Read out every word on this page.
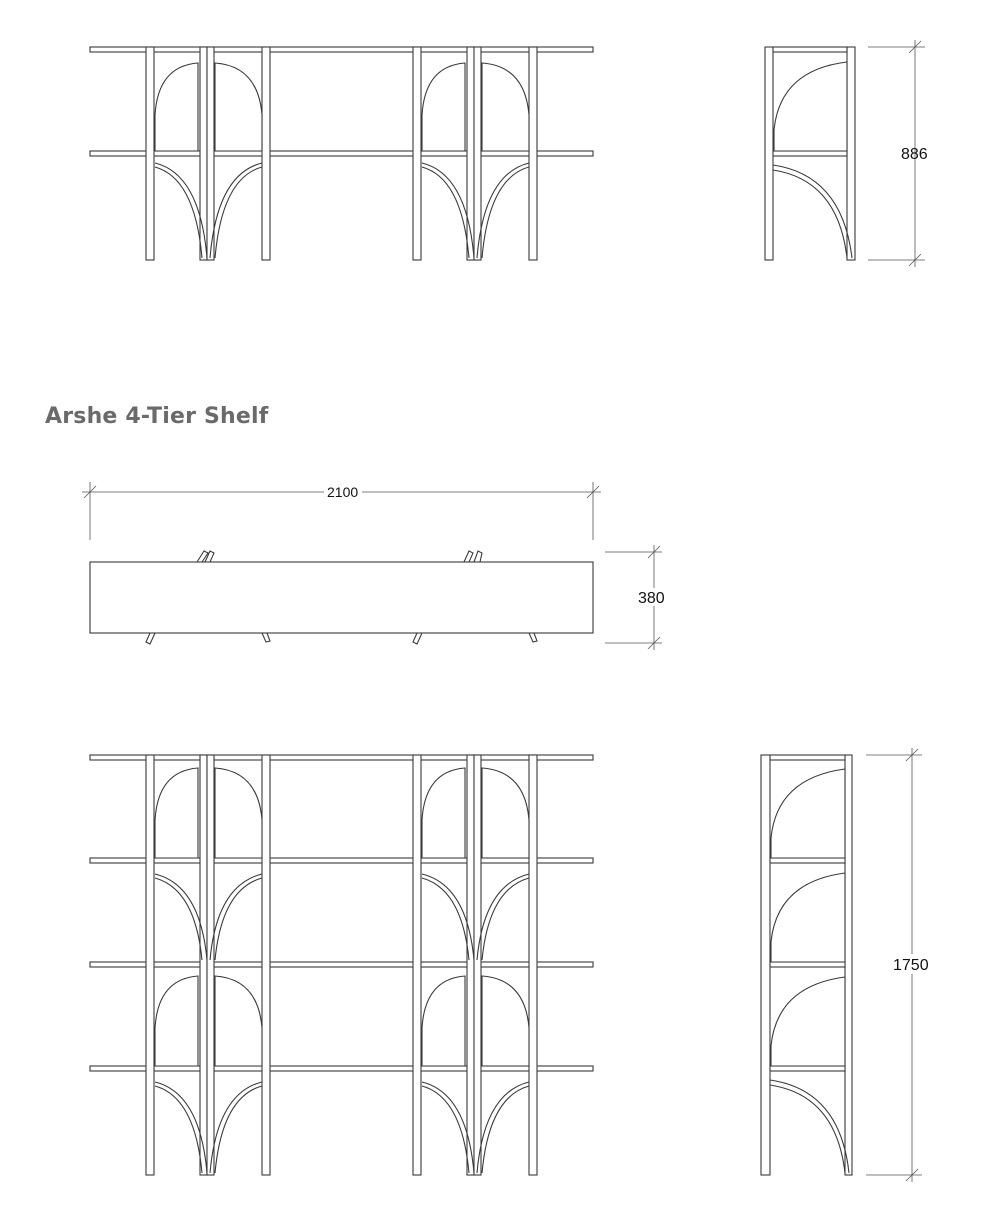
886
2100
380
1750
Arshe 4-Tier Shelf
